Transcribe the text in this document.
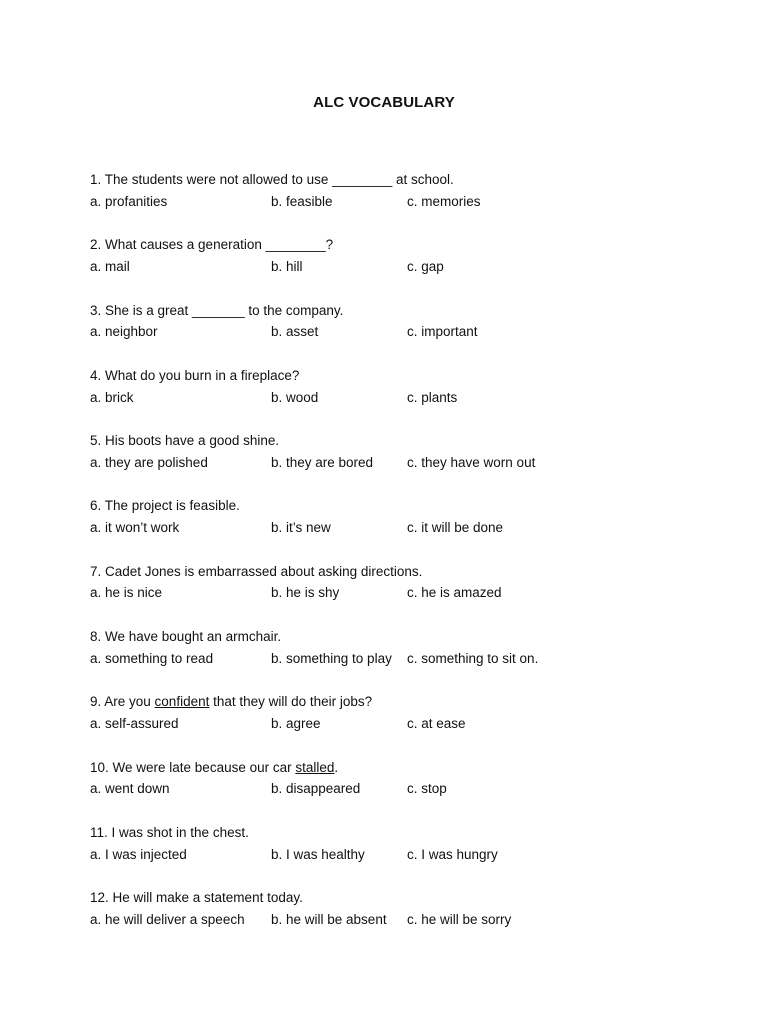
ALC VOCABULARY
1. The students were not allowed to use ________ at school.
a. profanities	b. feasible	c. memories
2. What causes a generation ________?
a. mail	b. hill	c. gap
3. She is a great _______ to the company.
a. neighbor	b. asset	c. important
4. What do you burn in a fireplace?
a. brick	b. wood	c. plants
5. His boots have a good shine.
a. they are polished	b. they are bored	c. they have worn out
6. The project is feasible.
a. it won’t work	b. it’s new	c. it will be done
7. Cadet Jones is embarrassed about asking directions.
a. he is nice	b. he is shy	c. he is amazed
8. We have bought an armchair.
a. something to read	b. something to play c. something to sit on.
9. Are you confident that they will do their jobs?
a. self-assured	b. agree	c. at ease
10. We were late because our car stalled.
a. went down	b. disappeared	c. stop
11. I was shot in the chest.
a. I was injected	b. I was healthy	c. I was hungry
12. He will make a statement today.
a. he will deliver a speech b. he will be absent c. he will be sorry
